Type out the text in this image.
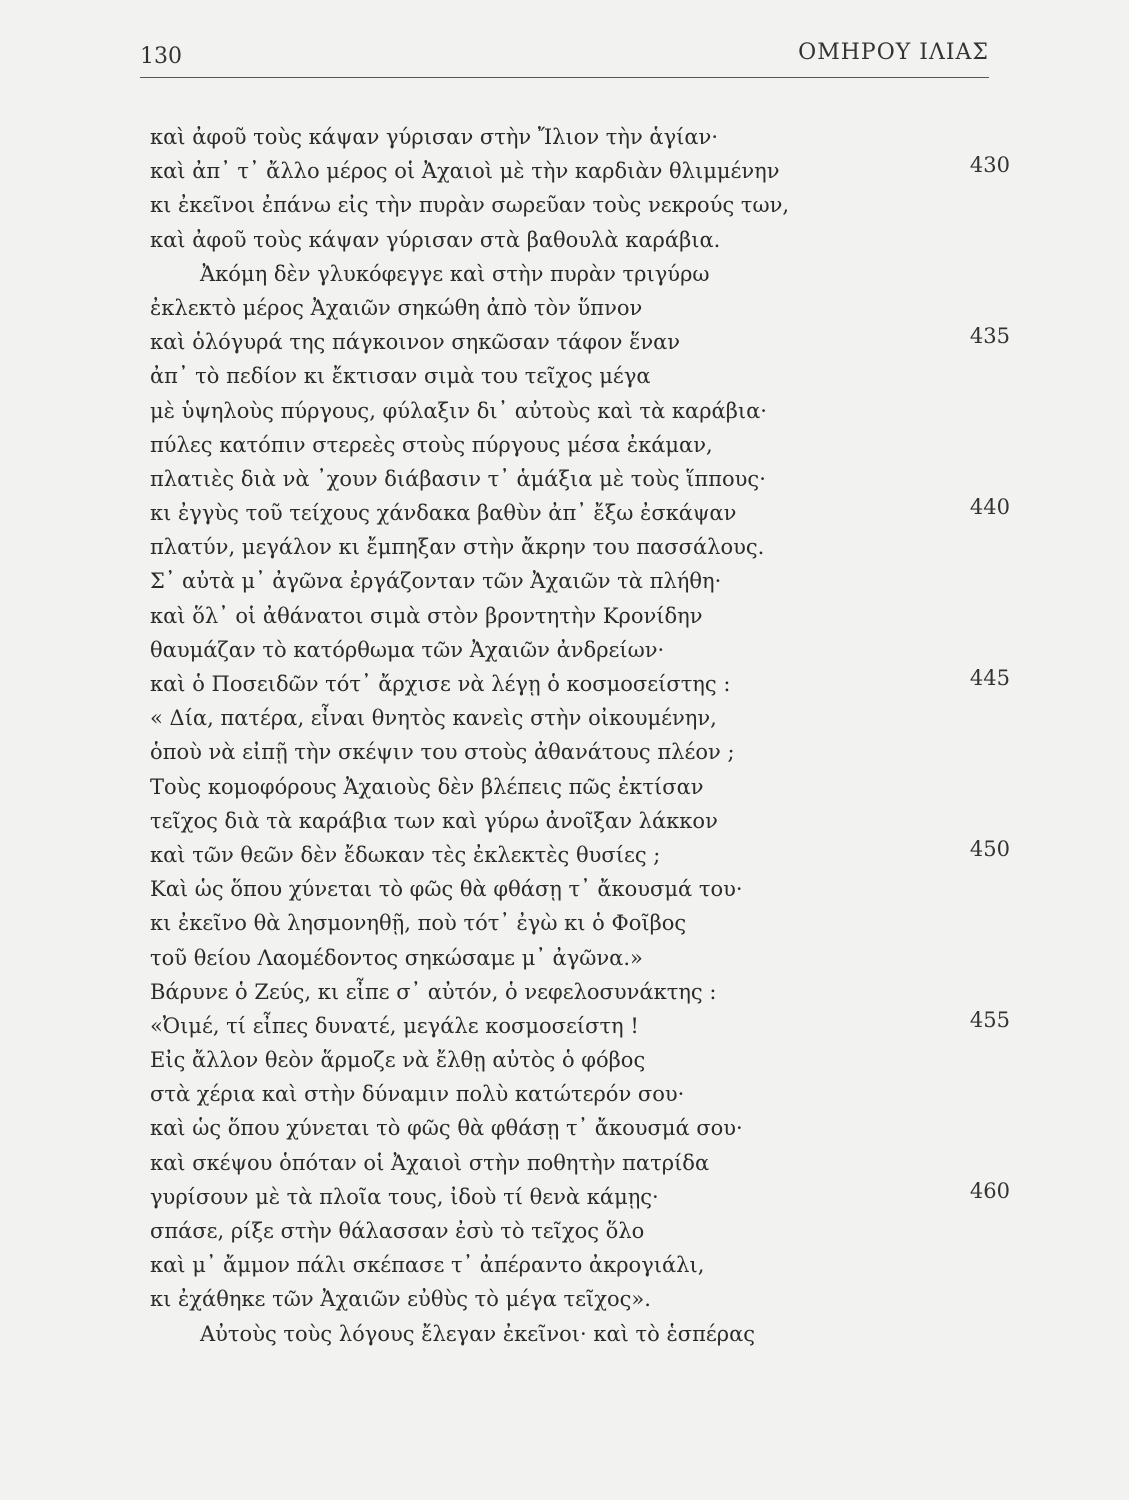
130	ΟΜΗΡΟΥ ΙΛΙΑΣ
καὶ ἀφοῦ τοὺς κάψαν γύρισαν στὴν Ἴλιον τὴν ἁγίαν·
καὶ ἀπ᾿ τ᾿ ἄλλο μέρος οἱ Ἀχαιοὶ μὲ τὴν καρδιὰν θλιμμένην	430
κι ἐκεῖνοι ἐπάνω εἰς τὴν πυρὰν σωρεῦαν τοὺς νεκρούς των,
καὶ ἀφοῦ τοὺς κάψαν γύρισαν στὰ βαθουλὰ καράβια.
Ἀκόμη δὲν γλυκόφεγγε καὶ στὴν πυρὰν τριγύρω
ἐκλεκτὸ μέρος Ἀχαιῶν σηκώθη ἀπὸ τὸν ὕπνον
καὶ ὁλόγυρά της πάγκοινον σηκῶσαν τάφον ἕναν	435
ἀπ᾿ τὸ πεδίον κι ἔκτισαν σιμὰ του τεῖχος μέγα
μὲ ὑψηλοὺς πύργους, φύλαξιν δι᾿ αὐτοὺς καὶ τὰ καράβια·
πύλες κατόπιν στερεὲς στοὺς πύργους μέσα ἐκάμαν,
πλατιὲς διὰ νὰ ᾿χουν διάβασιν τ᾿ ἁμάξια μὲ τοὺς ἵππους·
κι ἐγγὺς τοῦ τείχους χάνδακα βαθὺν ἀπ᾿ ἔξω ἐσκάψαν	440
πλατύν, μεγάλον κι ἔμπηξαν στὴν ἄκρην του πασσάλους.
Σ᾿ αὐτὰ μ᾿ ἀγῶνα ἐργάζονταν τῶν Ἀχαιῶν τὰ πλήθη·
καὶ ὅλ᾿ οἱ ἀθάνατοι σιμὰ στὸν βροντητὴν Κρονίδην
θαυμάζαν τὸ κατόρθωμα τῶν Ἀχαιῶν ἀνδρείων·
καὶ ὁ Ποσειδῶν τότ᾿ ἄρχισε νὰ λέγῃ ὁ κοσμοσείστης :	445
« Δία, πατέρα, εἶναι θνητὸς κανεὶς στὴν οἰκουμένην,
ὁποὺ νὰ εἰπῇ τὴν σκέψιν του στοὺς ἀθανάτους πλέον ;
Τοὺς κομοφόρους Ἀχαιοὺς δὲν βλέπεις πῶς ἐκτίσαν
τεῖχος διὰ τὰ καράβια των καὶ γύρω ἀνοῖξαν λάκκον
καὶ τῶν θεῶν δὲν ἔδωκαν τὲς ἐκλεκτὲς θυσίες ;	450
Καὶ ὡς ὅπου χύνεται τὸ φῶς θὰ φθάσῃ τ᾿ ἄκουσμά του·
κι ἐκεῖνο θὰ λησμονηθῇ, ποὺ τότ᾿ ἐγὼ κι ὁ Φοῖβος
τοῦ θείου Λαομέδοντος σηκώσαμε μ᾿ ἀγῶνα.»
Βάρυνε ὁ Ζεύς, κι εἶπε σ᾿ αὐτόν, ὁ νεφελοσυνάκτης :
«Ὀιμέ, τί εἶπες δυνατέ, μεγάλε κοσμοσείστη !	455
Εἰς ἄλλον θεὸν ἅρμοζε νὰ ἔλθῃ αὐτὸς ὁ φόβος
στὰ χέρια καὶ στὴν δύναμιν πολὺ κατώτερόν σου·
καὶ ὡς ὅπου χύνεται τὸ φῶς θὰ φθάσῃ τ᾿ ἄκουσμά σου·
καὶ σκέψου ὁπόταν οἱ Ἀχαιοὶ στὴν ποθητὴν πατρίδα
γυρίσουν μὲ τὰ πλοῖα τους, ἰδοὺ τί θενὰ κάμῃς·	460
σπάσε, ρίξε στὴν θάλασσαν ἐσὺ τὸ τεῖχος ὅλο
καὶ μ᾿ ἄμμον πάλι σκέπασε τ᾿ ἀπέραντο ἀκρογιάλι,
κι ἐχάθηκε τῶν Ἀχαιῶν εὐθὺς τὸ μέγα τεῖχος».
Αὐτοὺς τοὺς λόγους ἔλεγαν ἐκεῖνοι· καὶ τὸ ἑσπέρας
